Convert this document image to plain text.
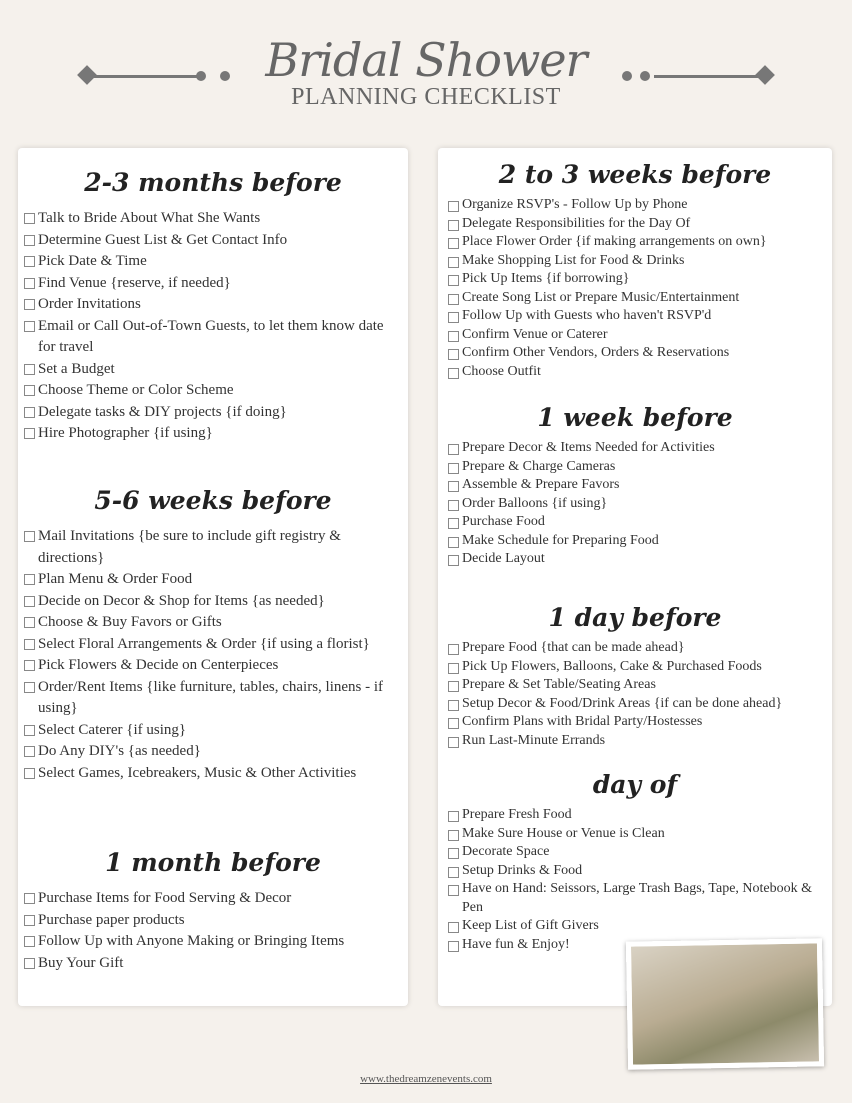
Bridal Shower
PLANNING CHECKLIST
2-3 months before
Talk to Bride About What She Wants
Determine Guest List & Get Contact Info
Pick Date & Time
Find Venue {reserve, if needed}
Order Invitations
Email or Call Out-of-Town Guests, to let them know date for travel
Set a Budget
Choose Theme or Color Scheme
Delegate tasks & DIY projects {if doing}
Hire Photographer {if using}
5-6 weeks before
Mail Invitations {be sure to include gift registry & directions}
Plan Menu & Order Food
Decide on Decor & Shop for Items {as needed}
Choose & Buy Favors or Gifts
Select Floral Arrangements & Order {if using a florist}
Pick Flowers & Decide on Centerpieces
Order/Rent Items {like furniture, tables, chairs, linens - if using}
Select Caterer {if using}
Do Any DIY's {as needed}
Select Games, Icebreakers, Music & Other Activities
1 month before
Purchase Items for Food Serving & Decor
Purchase paper products
Follow Up with Anyone Making or Bringing Items
Buy Your Gift
2 to 3 weeks before
Organize RSVP's - Follow Up by Phone
Delegate Responsibilities for the Day Of
Place Flower Order {if making arrangements on own}
Make Shopping List for Food & Drinks
Pick Up Items {if borrowing}
Create Song List or Prepare Music/Entertainment
Follow Up with Guests who haven't RSVP'd
Confirm Venue or Caterer
Confirm Other Vendors, Orders & Reservations
Choose Outfit
1 week before
Prepare Decor & Items Needed for Activities
Prepare & Charge Cameras
Assemble & Prepare Favors
Order Balloons {if using}
Purchase Food
Make Schedule for Preparing Food
Decide Layout
1 day before
Prepare Food {that can be made ahead}
Pick Up Flowers, Balloons, Cake & Purchased Foods
Prepare & Set Table/Seating Areas
Setup Decor & Food/Drink Areas {if can be done ahead}
Confirm Plans with Bridal Party/Hostesses
Run Last-Minute Errands
day of
Prepare Fresh Food
Make Sure House or Venue is Clean
Decorate Space
Setup Drinks & Food
Have on Hand: Seissors, Large Trash Bags, Tape, Notebook & Pen
Keep List of Gift Givers
Have fun & Enjoy!
www.thedreamzenevents.com
